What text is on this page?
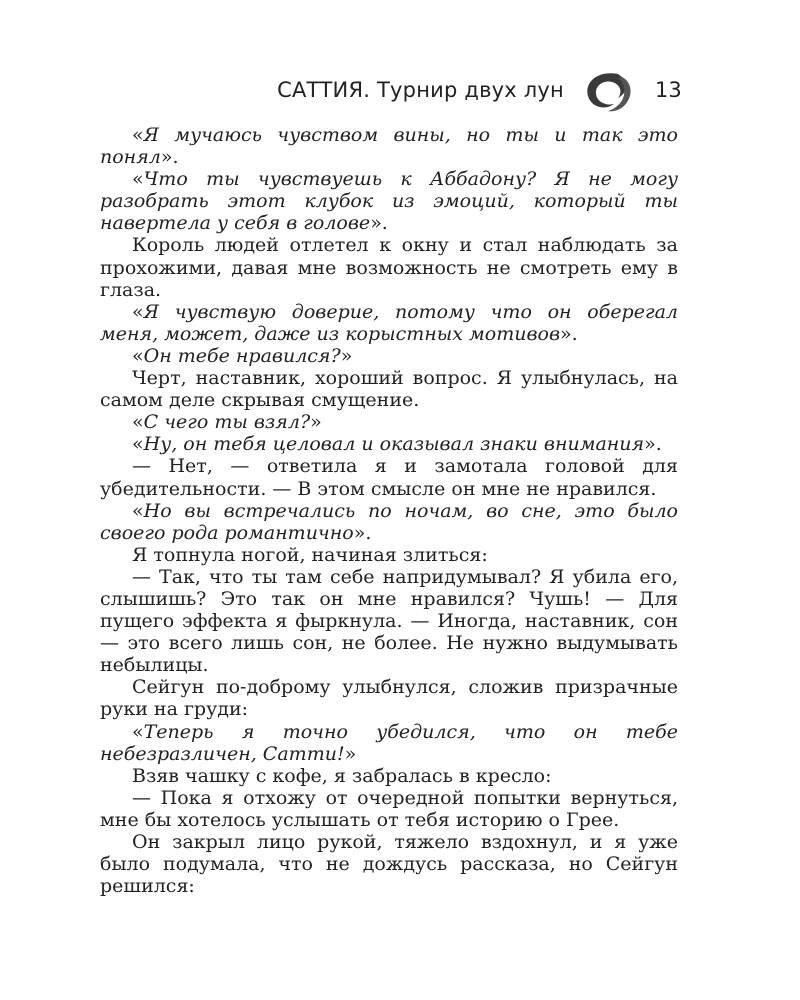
САТТИЯ. Турнир двух лун	13

«Я мучаюсь чувством вины, но ты и так это понял».

«Что ты чувствуешь к Аббадону? Я не могу разобрать этот клубок из эмоций, который ты навертела у себя в голове».

Король людей отлетел к окну и стал наблюдать за прохожими, давая мне возможность не смотреть ему в глаза.

«Я чувствую доверие, потому что он оберегал меня, может, даже из корыстных мотивов».

«Он тебе нравился?»

Черт, наставник, хороший вопрос. Я улыбнулась, на самом деле скрывая смущение.

«С чего ты взял?»

«Ну, он тебя целовал и оказывал знаки внимания».

— Нет, — ответила я и замотала головой для убедительности. — В этом смысле он мне не нравился.

«Но вы встречались по ночам, во сне, это было своего рода романтично».

Я топнула ногой, начиная злиться:

— Так, что ты там себе напридумывал? Я убила его, слышишь? Это так он мне нравился? Чушь! — Для пущего эффекта я фыркнула. — Иногда, наставник, сон — это всего лишь сон, не более. Не нужно выдумывать небылицы.

Сейгун по-доброму улыбнулся, сложив призрачные руки на груди:

«Теперь я точно убедился, что он тебе небезразличен, Сатти!»

Взяв чашку с кофе, я забралась в кресло:

— Пока я отхожу от очередной попытки вернуться, мне бы хотелось услышать от тебя историю о Грее.

Он закрыл лицо рукой, тяжело вздохнул, и я уже было подумала, что не дождусь рассказа, но Сейгун решился:
